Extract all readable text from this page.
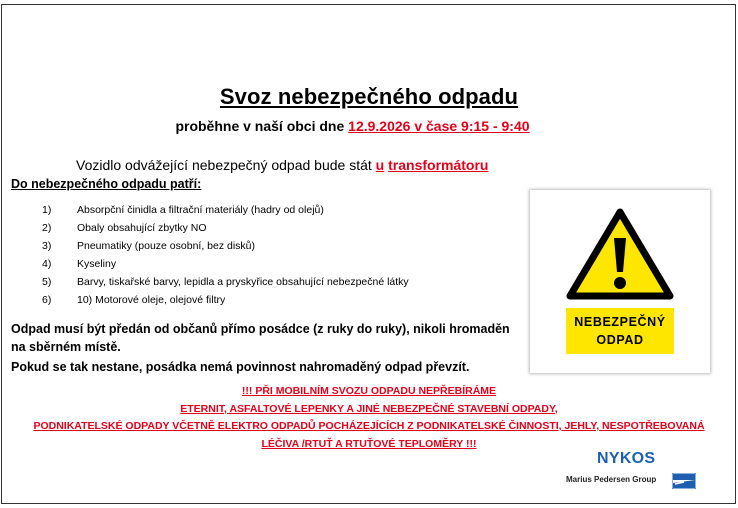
Svoz nebezpečného odpadu
proběhne v naší obci dne 12.9.2026 v čase 9:15 - 9:40
Vozidlo odvážející nebezpečný odpad bude stát u transformátoru
Do nebezpečného odpadu patří:
1)	Absorpční činidla a filtrační materiály (hadry od olejů)
2)	Obaly obsahující zbytky NO
3)	Pneumatiky (pouze osobní, bez disků)
4)	Kyseliny
5)	Barvy, tiskařské barvy, lepidla a pryskyřice obsahující nebezpečné látky
6)	10) Motorové oleje, olejové filtry
NEBEZPEČNÝ
ODPAD

Odpad musí být předán od občanů přímo posádce (z ruky do ruky), nikoli hromaděn na sběrném místě.

Pokud se tak nestane, posádka nemá povinnost nahromaděný odpad převzít.

!!! PŘI MOBILNÍM SVOZU ODPADU NEPŘEBÍRÁME
ETERNIT, ASFALTOVÉ LEPENKY A JINÉ NEBEZPEČNÉ STAVEBNÍ ODPADY,
PODNIKATELSKÉ ODPADY VČETNĚ ELEKTRO ODPADŮ POCHÁZEJÍCÍCH Z PODNIKATELSKÉ ČINNOSTI, JEHLY, NESPOTŘEBOVANÁ
LÉČIVA /RTUŤ A RTUŤOVÉ TEPLOMĚRY !!!
NYKOS
Marius Pedersen Group
